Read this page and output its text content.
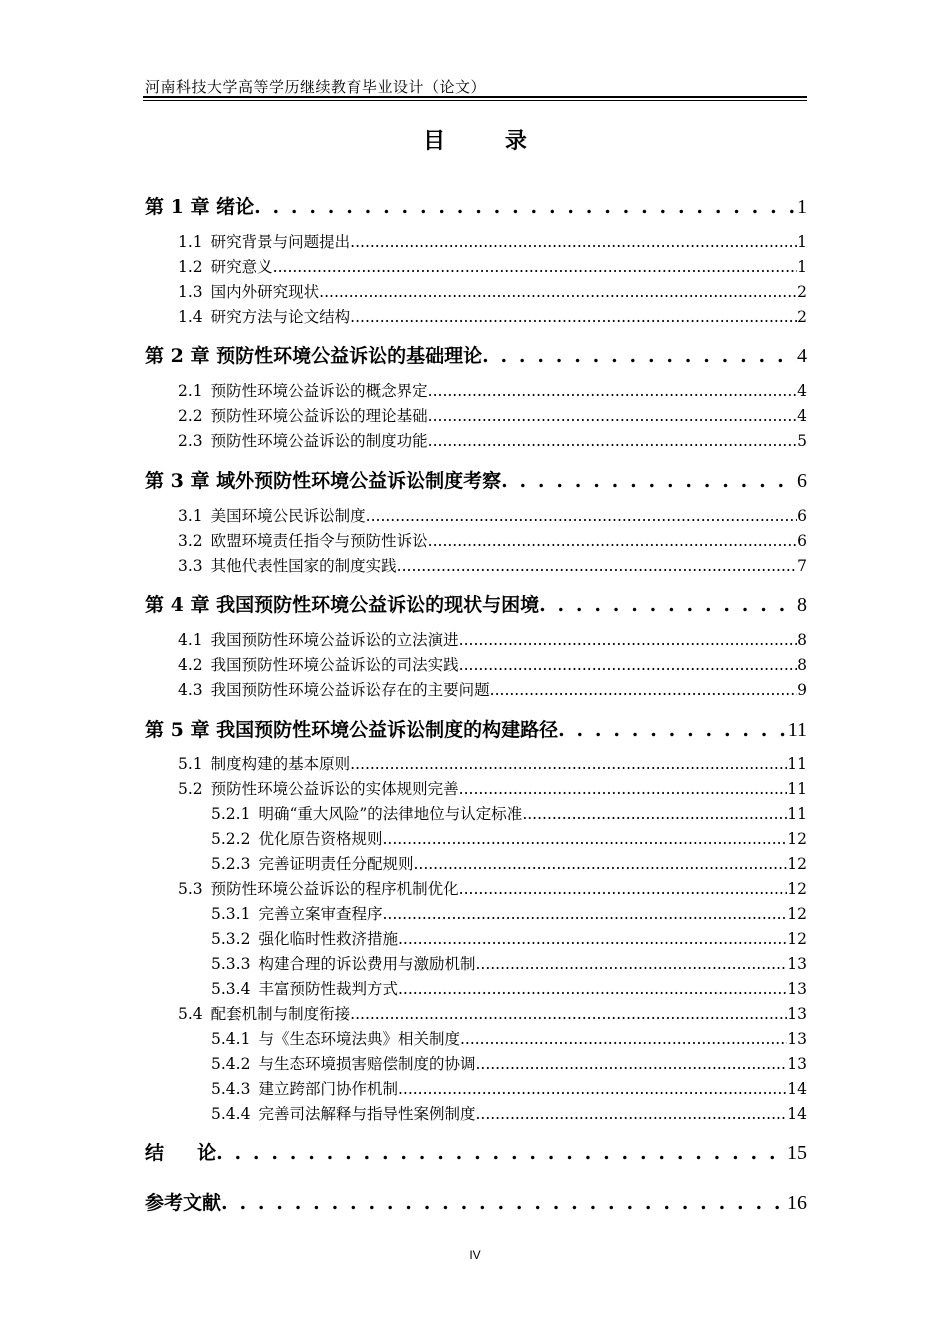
河南科技大学高等学历继续教育毕业设计（论文）
目 录
第 1 章 绪论 . . .	1
1.1 研究背景与问题提出 .....	1
1.2 研究意义 .....	1
1.3 国内外研究现状 .....	2
1.4 研究方法与论文结构 .....	2
第 2 章 预防性环境公益诉讼的基础理论 . . .	4
2.1 预防性环境公益诉讼的概念界定 .....	4
2.2 预防性环境公益诉讼的理论基础 .....	4
2.3 预防性环境公益诉讼的制度功能 .....	5
第 3 章 域外预防性环境公益诉讼制度考察 . . .	6
3.1 美国环境公民诉讼制度 .....	6
3.2 欧盟环境责任指令与预防性诉讼 .....	6
3.3 其他代表性国家的制度实践 .....	7
第 4 章 我国预防性环境公益诉讼的现状与困境 . . .	8
4.1 我国预防性环境公益诉讼的立法演进 .....	8
4.2 我国预防性环境公益诉讼的司法实践 .....	8
4.3 我国预防性环境公益诉讼存在的主要问题 .....	9
第 5 章 我国预防性环境公益诉讼制度的构建路径 . . .	11
5.1 制度构建的基本原则 .....	11
5.2 预防性环境公益诉讼的实体规则完善 .....	11
5.2.1 明确“重大风险”的法律地位与认定标准 .....	11
5.2.2 优化原告资格规则 .....	12
5.2.3 完善证明责任分配规则 .....	12
5.3 预防性环境公益诉讼的程序机制优化 .....	12
5.3.1 完善立案审查程序 .....	12
5.3.2 强化临时性救济措施 .....	12
5.3.3 构建合理的诉讼费用与激励机制 .....	13
5.3.4 丰富预防性裁判方式 .....	13
5.4 配套机制与制度衔接 .....	13
5.4.1 与《生态环境法典》相关制度 .....	13
5.4.2 与生态环境损害赔偿制度的协调 .....	13
5.4.3 建立跨部门协作机制 .....	14
5.4.4 完善司法解释与指导性案例制度 .....	14
结     论 . . .	15
参考文献 . . .	16
IV
